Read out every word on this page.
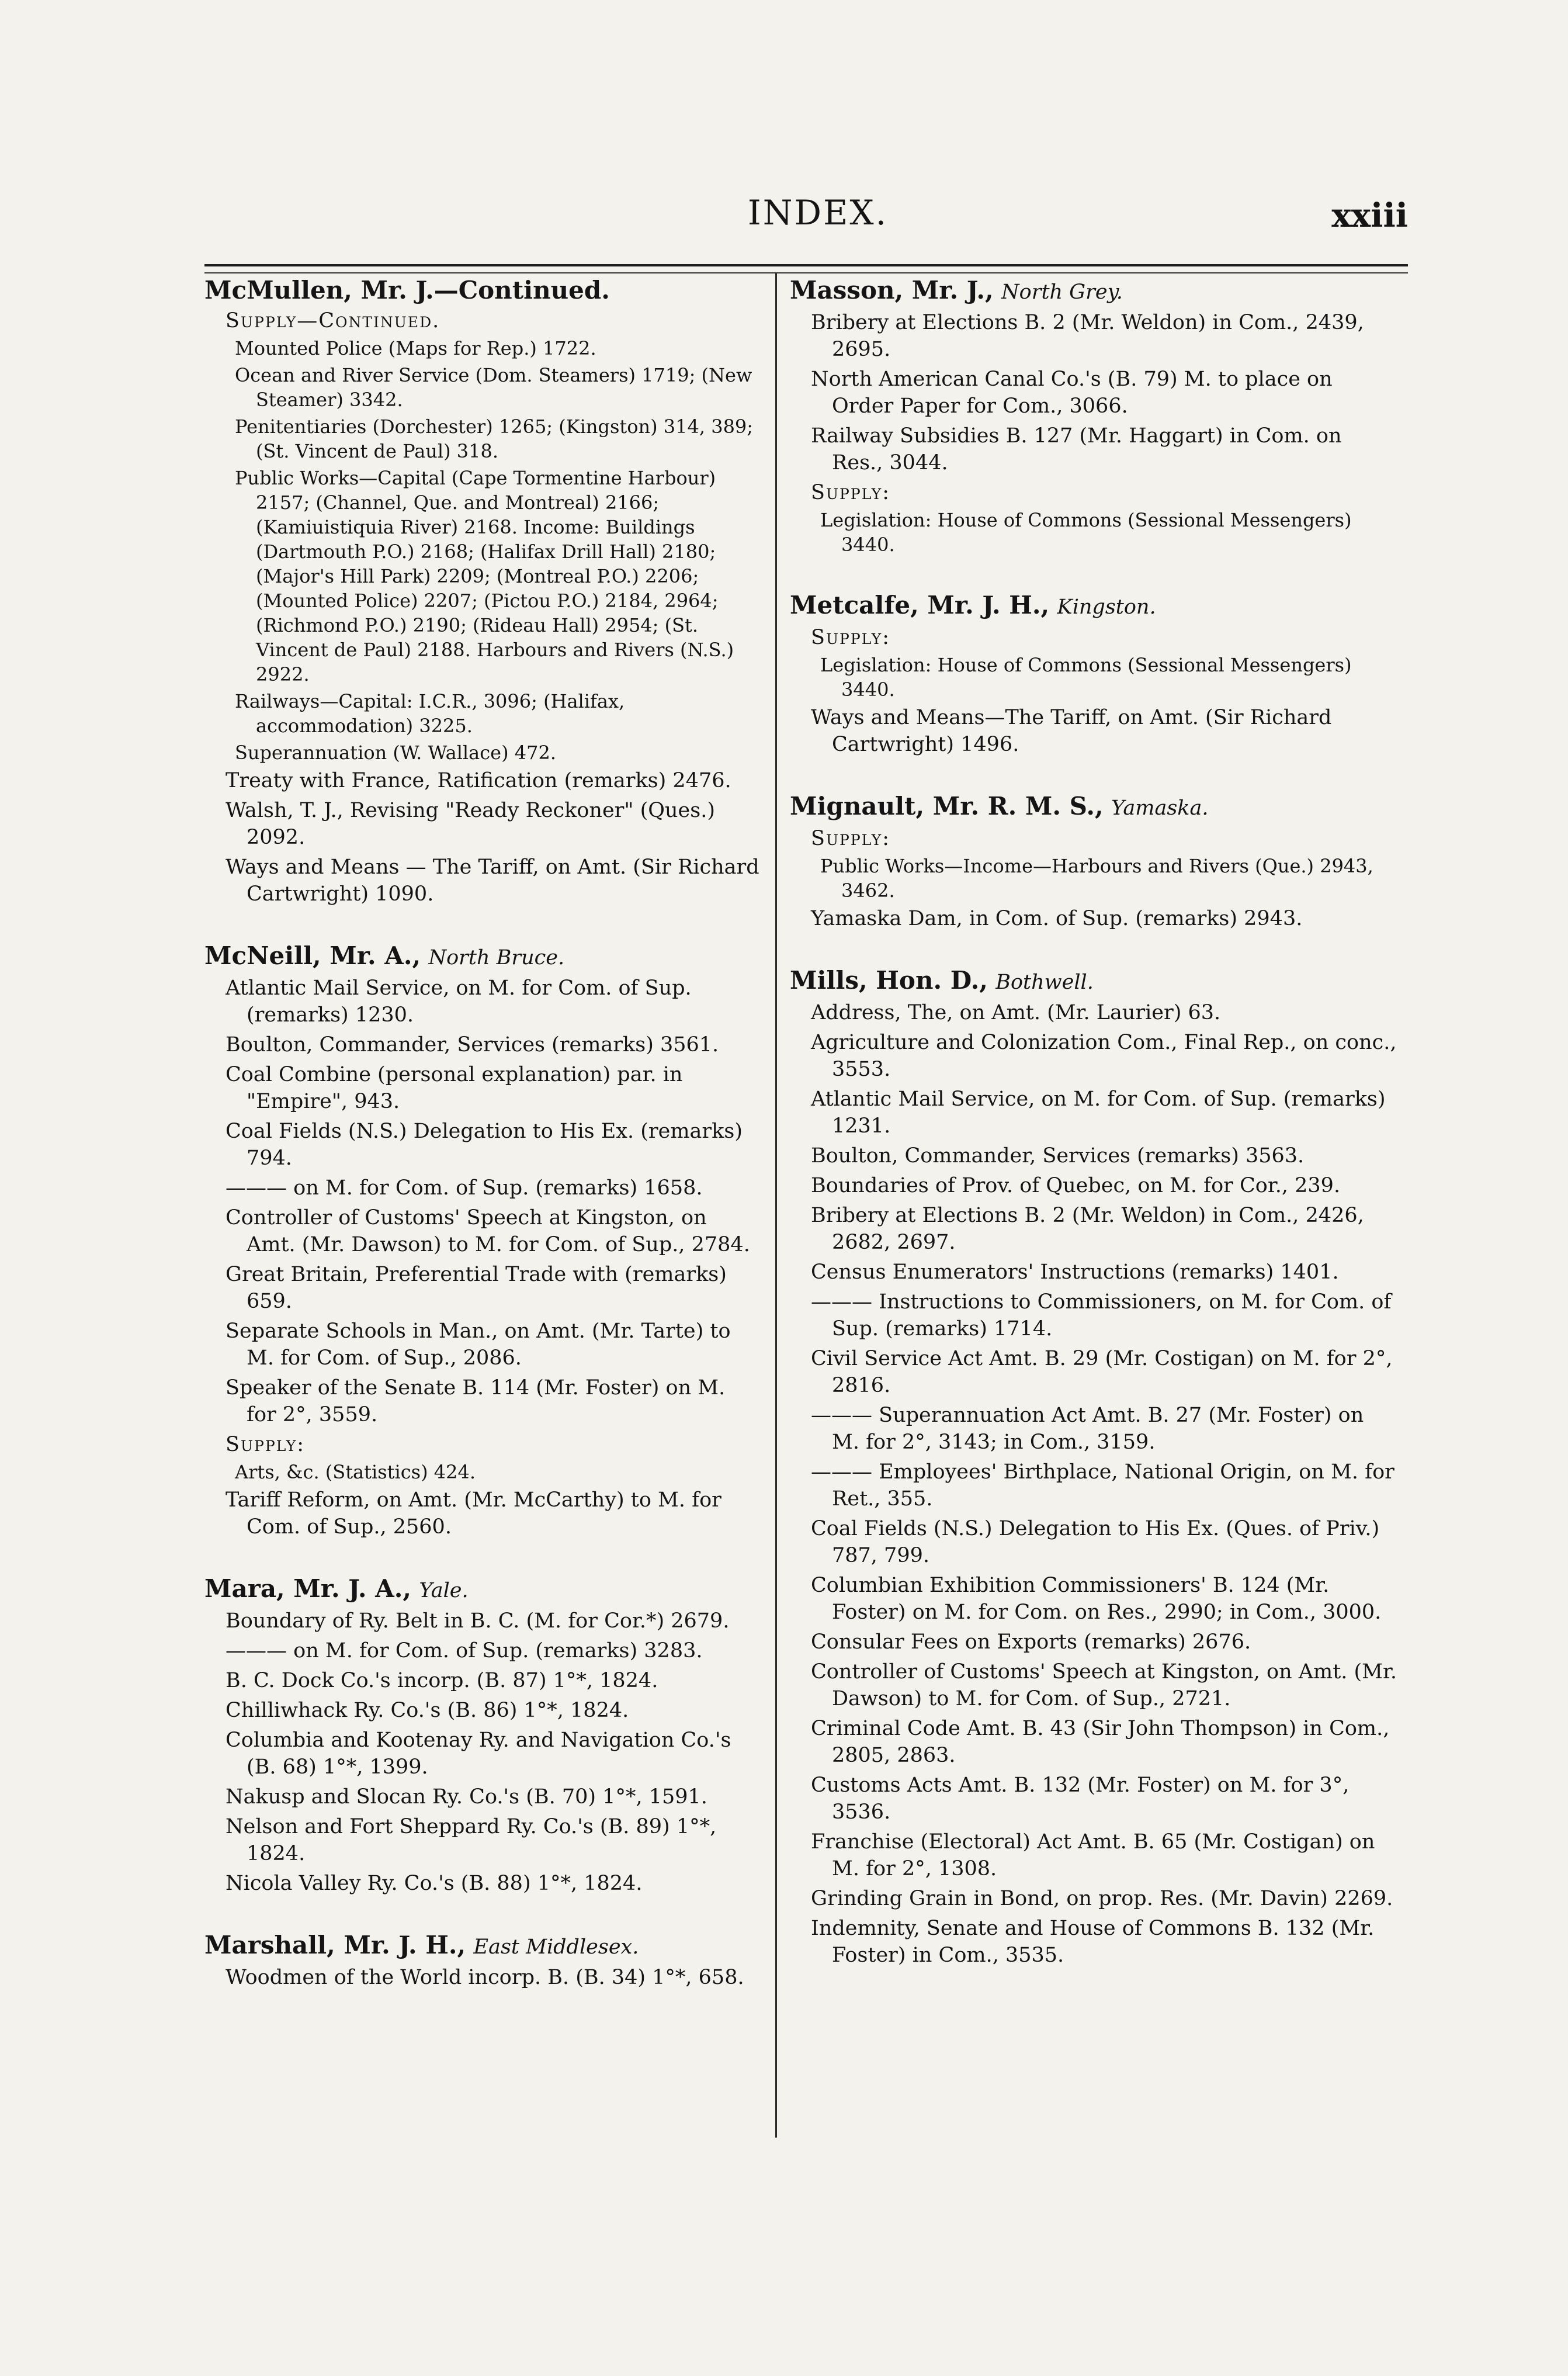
INDEX.	xxiii
McMullen, Mr. J.—Continued.
Supply—Continued.
Mounted Police (Maps for Rep.) 1722.
Ocean and River Service (Dom. Steamers) 1719; (New Steamer) 3342.
Penitentiaries (Dorchester) 1265; (Kingston) 314, 389; (St. Vincent de Paul) 318.
Public Works—Capital (Cape Tormentine Harbour) 2157; (Channel, Que. and Montreal) 2166; (Kamiuistiquia River) 2168. Income: Buildings (Dartmouth P.O.) 2168; (Halifax Drill Hall) 2180; (Major's Hill Park) 2209; (Montreal P.O.) 2206; (Mounted Police) 2207; (Pictou P.O.) 2184, 2964; (Richmond P.O.) 2190; (Rideau Hall) 2954; (St. Vincent de Paul) 2188. Harbours and Rivers (N.S.) 2922.
Railways—Capital: I.C.R., 3096; (Halifax, accommodation) 3225.
Superannuation (W. Wallace) 472.
Treaty with France, Ratification (remarks) 2476.
Walsh, T. J., Revising "Ready Reckoner" (Ques.) 2092.
Ways and Means — The Tariff, on Amt. (Sir Richard Cartwright) 1090.
McNeill, Mr. A., North Bruce.
Atlantic Mail Service, on M. for Com. of Sup. (remarks) 1230.
Boulton, Commander, Services (remarks) 3561.
Coal Combine (personal explanation) par. in "Empire", 943.
Coal Fields (N.S.) Delegation to His Ex. (remarks) 794.
——— on M. for Com. of Sup. (remarks) 1658.
Controller of Customs' Speech at Kingston, on Amt. (Mr. Dawson) to M. for Com. of Sup., 2784.
Great Britain, Preferential Trade with (remarks) 659.
Separate Schools in Man., on Amt. (Mr. Tarte) to M. for Com. of Sup., 2086.
Speaker of the Senate B. 114 (Mr. Foster) on M. for 2°, 3559.
Supply:
Arts, &c. (Statistics) 424.
Tariff Reform, on Amt. (Mr. McCarthy) to M. for Com. of Sup., 2560.
Mara, Mr. J. A., Yale.
Boundary of Ry. Belt in B. C. (M. for Cor.*) 2679.
——— on M. for Com. of Sup. (remarks) 3283.
B. C. Dock Co.'s incorp. (B. 87) 1°*, 1824.
Chilliwhack Ry. Co.'s (B. 86) 1°*, 1824.
Columbia and Kootenay Ry. and Navigation Co.'s (B. 68) 1°*, 1399.
Nakusp and Slocan Ry. Co.'s (B. 70) 1°*, 1591.
Nelson and Fort Sheppard Ry. Co.'s (B. 89) 1°*, 1824.
Nicola Valley Ry. Co.'s (B. 88) 1°*, 1824.
Marshall, Mr. J. H., East Middlesex.
Woodmen of the World incorp. B. (B. 34) 1°*, 658.
Masson, Mr. J., North Grey.
Bribery at Elections B. 2 (Mr. Weldon) in Com., 2439, 2695.
North American Canal Co.'s (B. 79) M. to place on Order Paper for Com., 3066.
Railway Subsidies B. 127 (Mr. Haggart) in Com. on Res., 3044.
Supply:
Legislation: House of Commons (Sessional Messengers) 3440.
Metcalfe, Mr. J. H., Kingston.
Supply:
Legislation: House of Commons (Sessional Messengers) 3440.
Ways and Means—The Tariff, on Amt. (Sir Richard Cartwright) 1496.
Mignault, Mr. R. M. S., Yamaska.
Supply:
Public Works—Income—Harbours and Rivers (Que.) 2943, 3462.
Yamaska Dam, in Com. of Sup. (remarks) 2943.
Mills, Hon. D., Bothwell.
Address, The, on Amt. (Mr. Laurier) 63.
Agriculture and Colonization Com., Final Rep., on conc., 3553.
Atlantic Mail Service, on M. for Com. of Sup. (remarks) 1231.
Boulton, Commander, Services (remarks) 3563.
Boundaries of Prov. of Quebec, on M. for Cor., 239.
Bribery at Elections B. 2 (Mr. Weldon) in Com., 2426, 2682, 2697.
Census Enumerators' Instructions (remarks) 1401.
——— Instructions to Commissioners, on M. for Com. of Sup. (remarks) 1714.
Civil Service Act Amt. B. 29 (Mr. Costigan) on M. for 2°, 2816.
——— Superannuation Act Amt. B. 27 (Mr. Foster) on M. for 2°, 3143; in Com., 3159.
——— Employees' Birthplace, National Origin, on M. for Ret., 355.
Coal Fields (N.S.) Delegation to His Ex. (Ques. of Priv.) 787, 799.
Columbian Exhibition Commissioners' B. 124 (Mr. Foster) on M. for Com. on Res., 2990; in Com., 3000.
Consular Fees on Exports (remarks) 2676.
Controller of Customs' Speech at Kingston, on Amt. (Mr. Dawson) to M. for Com. of Sup., 2721.
Criminal Code Amt. B. 43 (Sir John Thompson) in Com., 2805, 2863.
Customs Acts Amt. B. 132 (Mr. Foster) on M. for 3°, 3536.
Franchise (Electoral) Act Amt. B. 65 (Mr. Costigan) on M. for 2°, 1308.
Grinding Grain in Bond, on prop. Res. (Mr. Davin) 2269.
Indemnity, Senate and House of Commons B. 132 (Mr. Foster) in Com., 3535.
